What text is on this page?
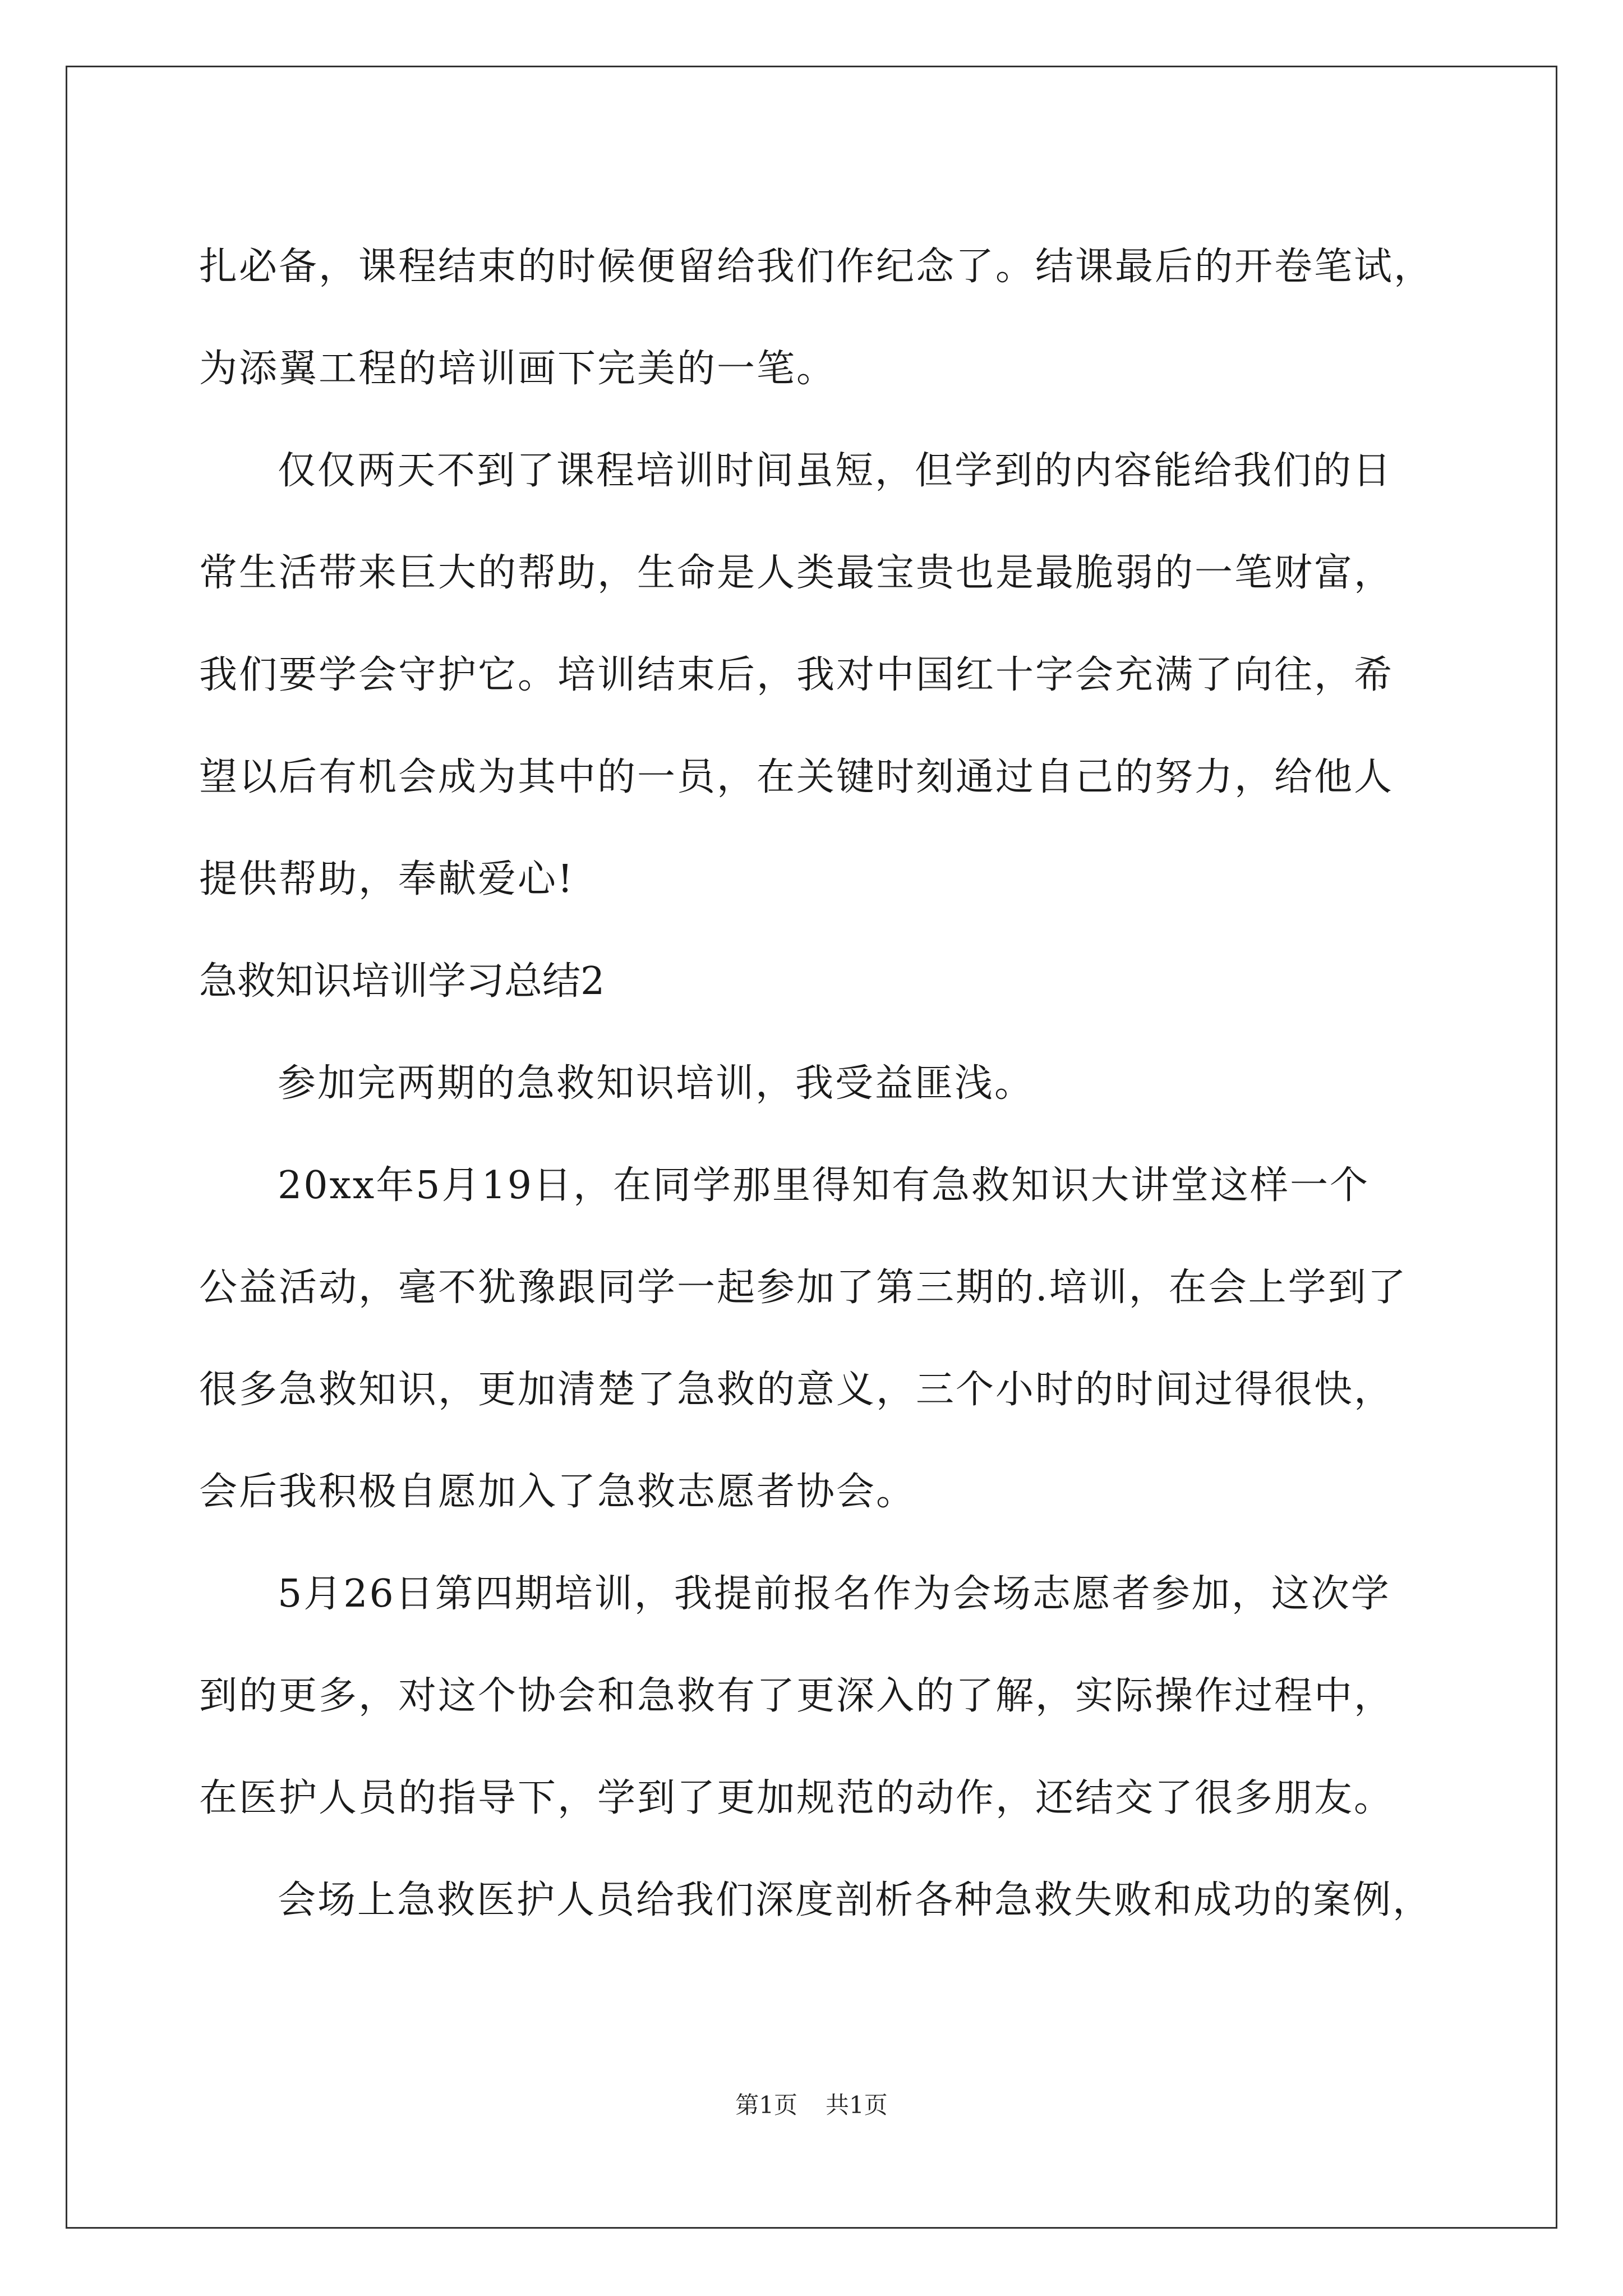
扎必备，课程结束的时候便留给我们作纪念了。结课最后的开卷笔试，
为添翼工程的培训画下完美的一笔。
仅仅两天不到了课程培训时间虽短，但学到的内容能给我们的日
常生活带来巨大的帮助，生命是人类最宝贵也是最脆弱的一笔财富，
我们要学会守护它。培训结束后，我对中国红十字会充满了向往，希
望以后有机会成为其中的一员，在关键时刻通过自己的努力，给他人
提供帮助，奉献爱心!
急救知识培训学习总结2
参加完两期的急救知识培训，我受益匪浅。
20xx年5月19日，在同学那里得知有急救知识大讲堂这样一个
公益活动，毫不犹豫跟同学一起参加了第三期的.培训，在会上学到了
很多急救知识，更加清楚了急救的意义，三个小时的时间过得很快，
会后我积极自愿加入了急救志愿者协会。
5月26日第四期培训，我提前报名作为会场志愿者参加，这次学
到的更多，对这个协会和急救有了更深入的了解，实际操作过程中，
在医护人员的指导下，学到了更加规范的动作，还结交了很多朋友。
会场上急救医护人员给我们深度剖析各种急救失败和成功的案例，
第1页 共1页
